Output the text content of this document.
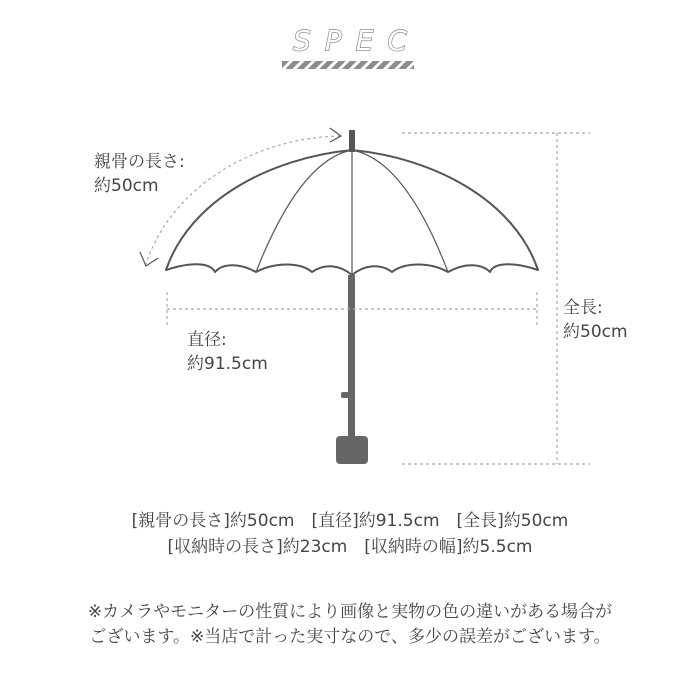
SPEC
親骨の長さ:
約50cm
全長:
約50cm
直径:
約91.5cm
[親骨の長さ]約50cm　[直径]約91.5cm　[全長]約50cm
[収納時の長さ]約23cm　[収納時の幅]約5.5cm
※カメラやモニターの性質により画像と実物の色の違いがある場合が
ございます。※当店で計った実寸なので、多少の誤差がございます。
